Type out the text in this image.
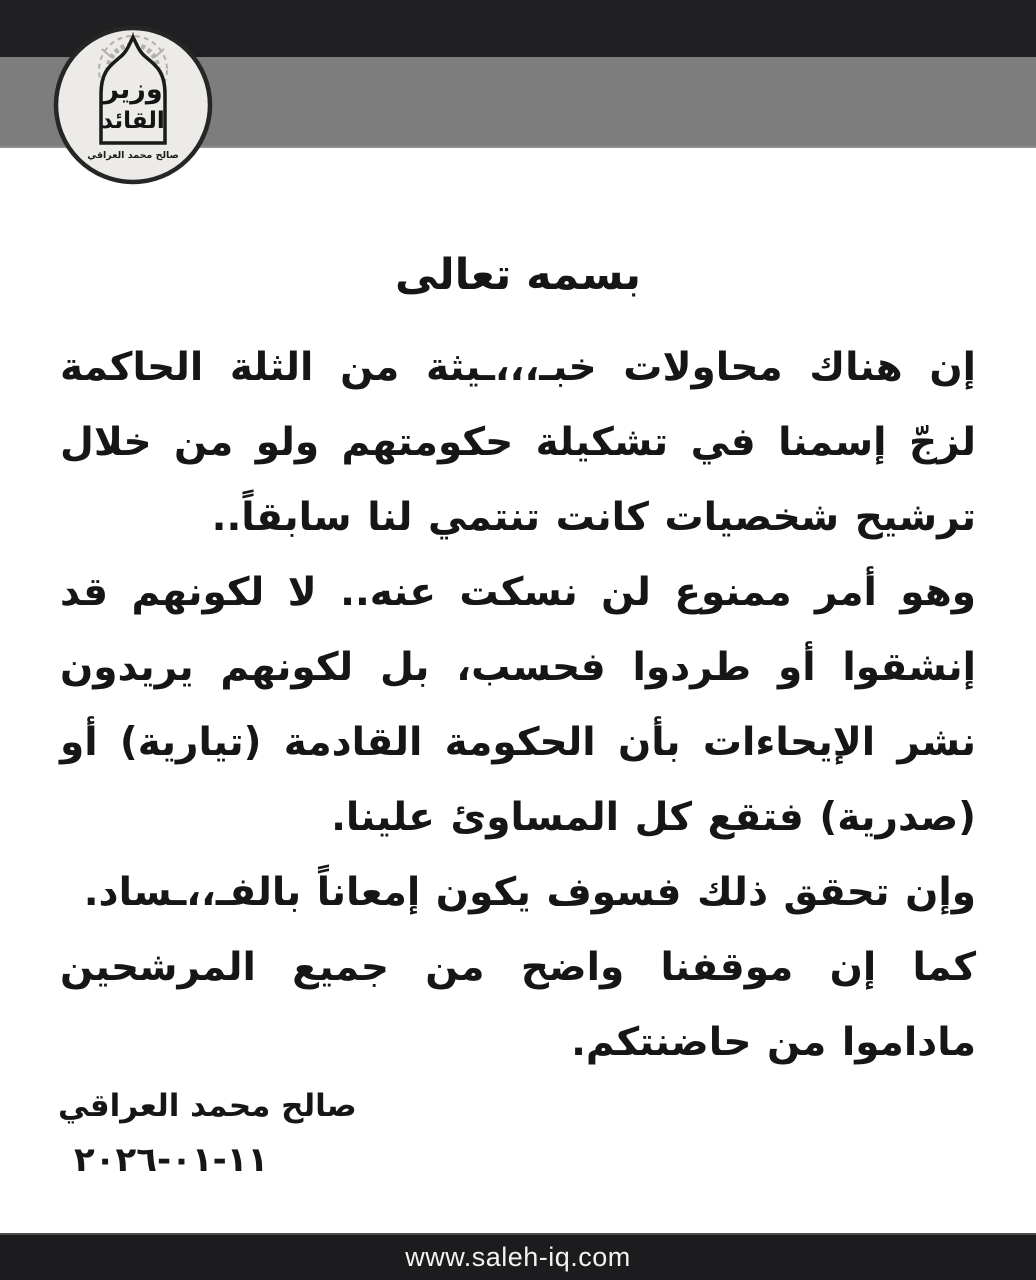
وزير
القائد
صالح محمد العراقي
بسمه تعالى

إن هناك محاولات خبـ،،،ـيثة من الثلة الحاكمة لزجّ إسمنا في تشكيلة حكومتهم ولو من خلال ترشيح شخصيات كانت تنتمي لنا سابقاً..

وهو أمر ممنوع لن نسكت عنه.. لا لكونهم قد إنشقوا أو طردوا فحسب، بل لكونهم يريدون نشر الإيحاءات بأن الحكومة القادمة (تيارية) أو (صدرية) فتقع كل المساوئ علينا.

وإن تحقق ذلك فسوف يكون إمعاناً بالفـ،،ـساد.

كما إن موقفنا واضح من جميع المرشحين ماداموا من حاضنتكم.

صالح محمد العراقي
١١-٠١-٢٠٢٦
www.saleh-iq.com
